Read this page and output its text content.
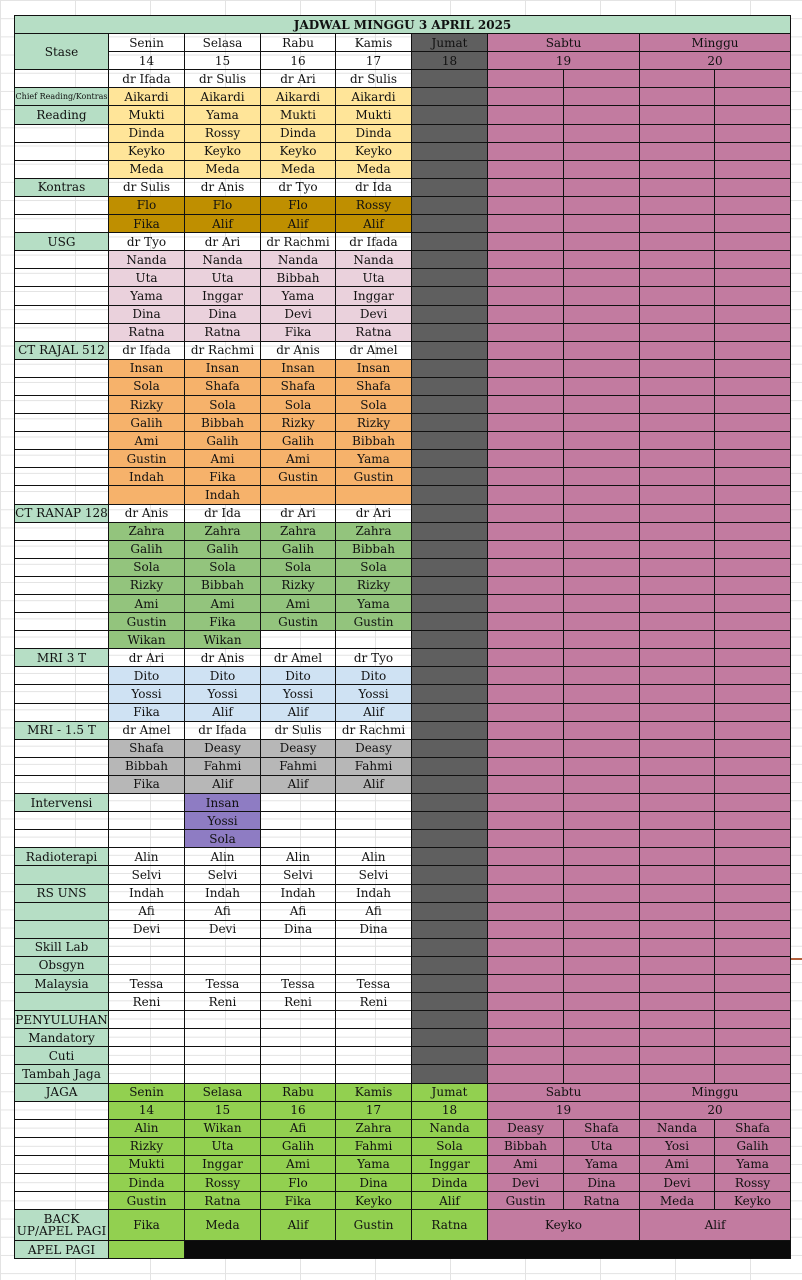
JADWAL MINGGU 3 APRIL 2025									
Stase	Senin	Selasa	Rabu	Kamis	Jumat	Sabtu		Minggu	
	14	15	16	17	18	19		20	
	dr Ifada	dr Sulis	dr Ari	dr Sulis					
Chief Reading/Kontras	Aikardi	Aikardi	Aikardi	Aikardi					
Reading	Mukti	Yama	Mukti	Mukti					
	Dinda	Rossy	Dinda	Dinda					
	Keyko	Keyko	Keyko	Keyko					
	Meda	Meda	Meda	Meda					
Kontras	dr Sulis	dr Anis	dr Tyo	dr Ida					
	Flo	Flo	Flo	Rossy					
	Fika	Alif	Alif	Alif					
USG	dr Tyo	dr Ari	dr Rachmi	dr Ifada					
	Nanda	Nanda	Nanda	Nanda					
	Uta	Uta	Bibbah	Uta					
	Yama	Inggar	Yama	Inggar					
	Dina	Dina	Devi	Devi					
	Ratna	Ratna	Fika	Ratna					
CT RAJAL 512	dr Ifada	dr Rachmi	dr Anis	dr Amel					
	Insan	Insan	Insan	Insan					
	Sola	Shafa	Shafa	Shafa					
	Rizky	Sola	Sola	Sola					
	Galih	Bibbah	Rizky	Rizky					
	Ami	Galih	Galih	Bibbah					
	Gustin	Ami	Ami	Yama					
	Indah	Fika	Gustin	Gustin					
		Indah							
CT RANAP 128	dr Anis	dr Ida	dr Ari	dr Ari					
	Zahra	Zahra	Zahra	Zahra					
	Galih	Galih	Galih	Bibbah					
	Sola	Sola	Sola	Sola					
	Rizky	Bibbah	Rizky	Rizky					
	Ami	Ami	Ami	Yama					
	Gustin	Fika	Gustin	Gustin					
	Wikan	Wikan							
MRI 3 T	dr Ari	dr Anis	dr Amel	dr Tyo					
	Dito	Dito	Dito	Dito					
	Yossi	Yossi	Yossi	Yossi					
	Fika	Alif	Alif	Alif					
MRI - 1.5 T	dr Amel	dr Ifada	dr Sulis	dr Rachmi					
	Shafa	Deasy	Deasy	Deasy					
	Bibbah	Fahmi	Fahmi	Fahmi					
	Fika	Alif	Alif	Alif					
Intervensi		Insan							
		Yossi							
		Sola							
Radioterapi	Alin	Alin	Alin	Alin					
	Selvi	Selvi	Selvi	Selvi					
RS UNS	Indah	Indah	Indah	Indah					
	Afi	Afi	Afi	Afi					
	Devi	Devi	Dina	Dina					
Skill Lab									
Obsgyn									
Malaysia	Tessa	Tessa	Tessa	Tessa					
	Reni	Reni	Reni	Reni					
PENYULUHAN									
Mandatory									
Cuti									
Tambah Jaga									
JAGA	Senin	Selasa	Rabu	Kamis	Jumat	Sabtu		Minggu	
	14	15	16	17	18	19		20	
	Alin	Wikan	Afi	Zahra	Nanda	Deasy	Shafa	Nanda	Shafa
	Rizky	Uta	Galih	Fahmi	Sola	Bibbah	Uta	Yosi	Galih
	Mukti	Inggar	Ami	Yama	Inggar	Ami	Yama	Ami	Yama
	Dinda	Rossy	Flo	Dina	Dinda	Devi	Dina	Devi	Rossy
	Gustin	Ratna	Fika	Keyko	Alif	Gustin	Ratna	Meda	Keyko
BACK UP/APEL PAGI	Fika	Meda	Alif	Gustin	Ratna	Keyko		Alif	
APEL PAGI									
